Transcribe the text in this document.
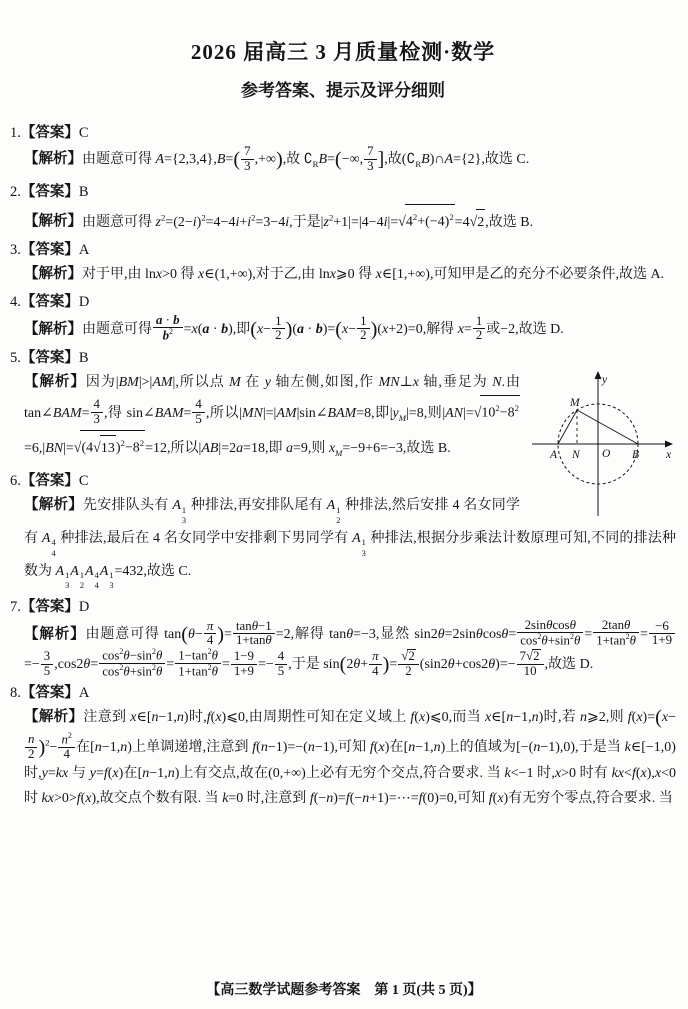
2026 届高三 3 月质量检测·数学
参考答案、提示及评分细则
1.【答案】C
【解析】由题意可得 $A=\{2,3,4\},B=( \frac{7}{3}$ ,+∞),故 $∁_RB=(-\infty$, $\frac{7}{3}$ ],故$(∁_RB)\cap A=\{2\}$,故选 C.
2.【答案】B
【解析】由题意可得 $z^2=(2-i)^2=4-4i+i^2=3-4i$,于是$|z^2+1|=|4-4i|=√4^2+(-4)^2=4√2$,故选 B.
3.【答案】A
【解析】对于甲,由 lnx>0 得 x∈(1,+∞),对于乙,由 lnx⩾0 得 x∈[1,+∞),可知甲是乙的充分不必要条件,故选 A.
4.【答案】D
【解析】由题意可得 $\frac{a \cdot b}{b^2} =x(a \cdot b)$,即$(x- \frac{1}{2} )(a \cdot b)=(x- \frac{1}{2} )(x+2)=0$,解得 $x= \frac{1}{2}$ 或−2,故选 D.
5.【答案】B
y
x
A N O B
M
【解析】因为|BM|>|AM|,所以点 M 在 y 轴左侧,如图,作 MN⊥x 轴,垂足为 N.由 tan∠BAM= $\frac{4}{3}$ ,得 sin∠BAM= $\frac{4}{5}$ ,所以|MN|=|AM|sin∠BAM=8,即$|y_M|=8$,则$|AN|=√10^2-8^2=6,|BN|=√(4√13)^2-8^2=12$,所以|AB|=2a=18,即 a=9,则 $x_M=-9+6=-3$,故选 B.
6.【答案】C
【解析】先安排队头有 A 1
3
种排法,再安排队尾有 A 1
2
种排法,然后安排 4 名女同学有 A 4
4
种排法,最后在 4 名女同学中安排剩下男同学有 A 1
3
种排法,根据分步乘法计数原理可知,不同的排法种数为 A 1
3
A 1
2
A 4
4
A 1
3
=432,故选 C.
7.【答案】D
【解析】由题意可得 $\tan(\theta- \frac{\pi}{4}$ )= $\frac{\tan\theta-1}{1+\tan\theta} =2$,解得 tanθ=−3,显然 $\sin 2\theta=2\sin\theta\cos\theta= \frac{2\sin\theta\cos\theta}{\cos^2\theta+\sin^2\theta} = \frac{2\tan\theta}{1+\tan^2\theta} = \frac{-6}{1+9}$
=− $\frac{3}{5} ,\cos 2\theta= \frac{\cos^2\theta-\sin^2\theta}{\cos^2\theta+\sin^2\theta} = \frac{1-\tan^2\theta}{1+\tan^2\theta} = \frac{1-9}{1+9} =- \frac{4}{5}$ ,于是 $\sin(2\theta+ \frac{\pi}{4}$ )= $\frac{√2}{2} (\sin 2\theta+\cos 2\theta)=- \frac{7√2}{10}$ ,故选 D.
8.【答案】A
【解析】注意到 x∈[n−1,n)时,f(x)⩽0,由周期性可知在定义域上 f(x)⩽0,而当 x∈[n−1,n)时,若 n⩾2,则 f(x)=(x−
$\frac{n}{2} )^2- \frac{n^2}{4}$ 在[n−1,n)上单调递增,注意到 f(n−1)=−(n−1),可知 f(x)在[n−1,n)上的值域为[−(n−1),0),于是当 k∈[−1,0)时,y=kx 与 y=f(x)在[n−1,n)上有交点,故在(0,+∞)上必有无穷个交点,符合要求. 当 k<−1 时,x>0 时有 kx<f(x),x<0 时 kx>0>f(x),故交点个数有限. 当 k=0 时,注意到 f(−n)=f(−n+1)=⋯=f(0)=0,可知 f(x)有无穷个零点,符合要求. 当
【高三数学试题参考答案　第 1 页(共 5 页)】
